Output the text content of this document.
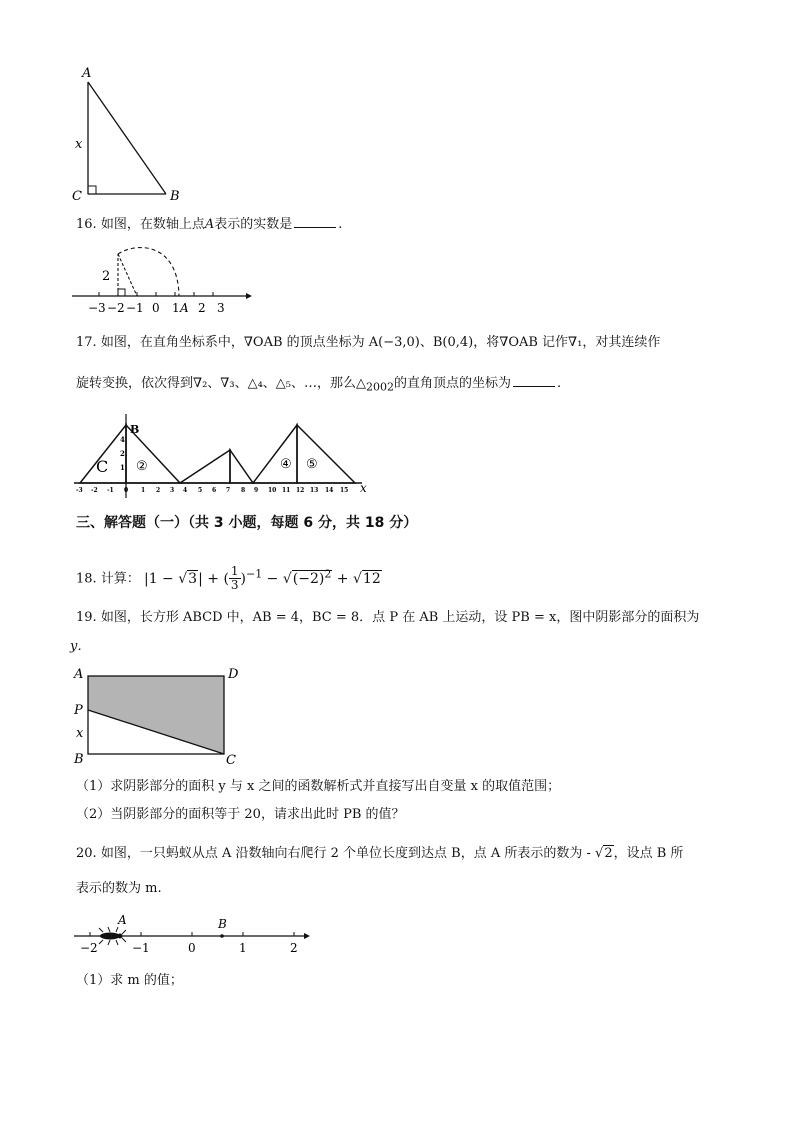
A
x
C	B
16. 如图，在数轴上点A表示的实数是	.
2
−3 −2 −1 0 1 A 2 3
17. 如图，在直角坐标系中，∇OAB 的顶点坐标为 A(−3,0)、B(0,4)，将∇OAB 记作∇₁，对其连续作
旋转变换，依次得到∇₂、∇₃、△₄、△₅、…，那么$\triangle_{2002}$的直角顶点的坐标为	.
x
B
C ②	④ ⑤
4
2
1
-3 -2 -1 0 1 2 3 4 5 6 7 8 9 10 11 12 13 14 15
三、解答题（一）（共 3 小题，每题 6 分，共 18 分）
18. 计算： |1 − √3| + ( $\frac{1}{3} )^{-1} - √(-2)^2 + √12$
19. 如图，长方形 ABCD 中，AB = 4，BC = 8．点 P 在 AB 上运动，设 PB = x，图中阴影部分的面积为
y．
A	D
P
x
B	C
（1）求阴影部分的面积 y 与 x 之间的函数解析式并直接写出自变量 x 的取值范围；
（2）当阴影部分的面积等于 20，请求出此时 PB 的值？
20. 如图，一只蚂蚁从点 A 沿数轴向右爬行 2 个单位长度到达点 B，点 A 所表示的数为 - √2，设点 B 所
表示的数为 m.
A	B
−2	−1	0	1	2
（1）求 m 的值；
